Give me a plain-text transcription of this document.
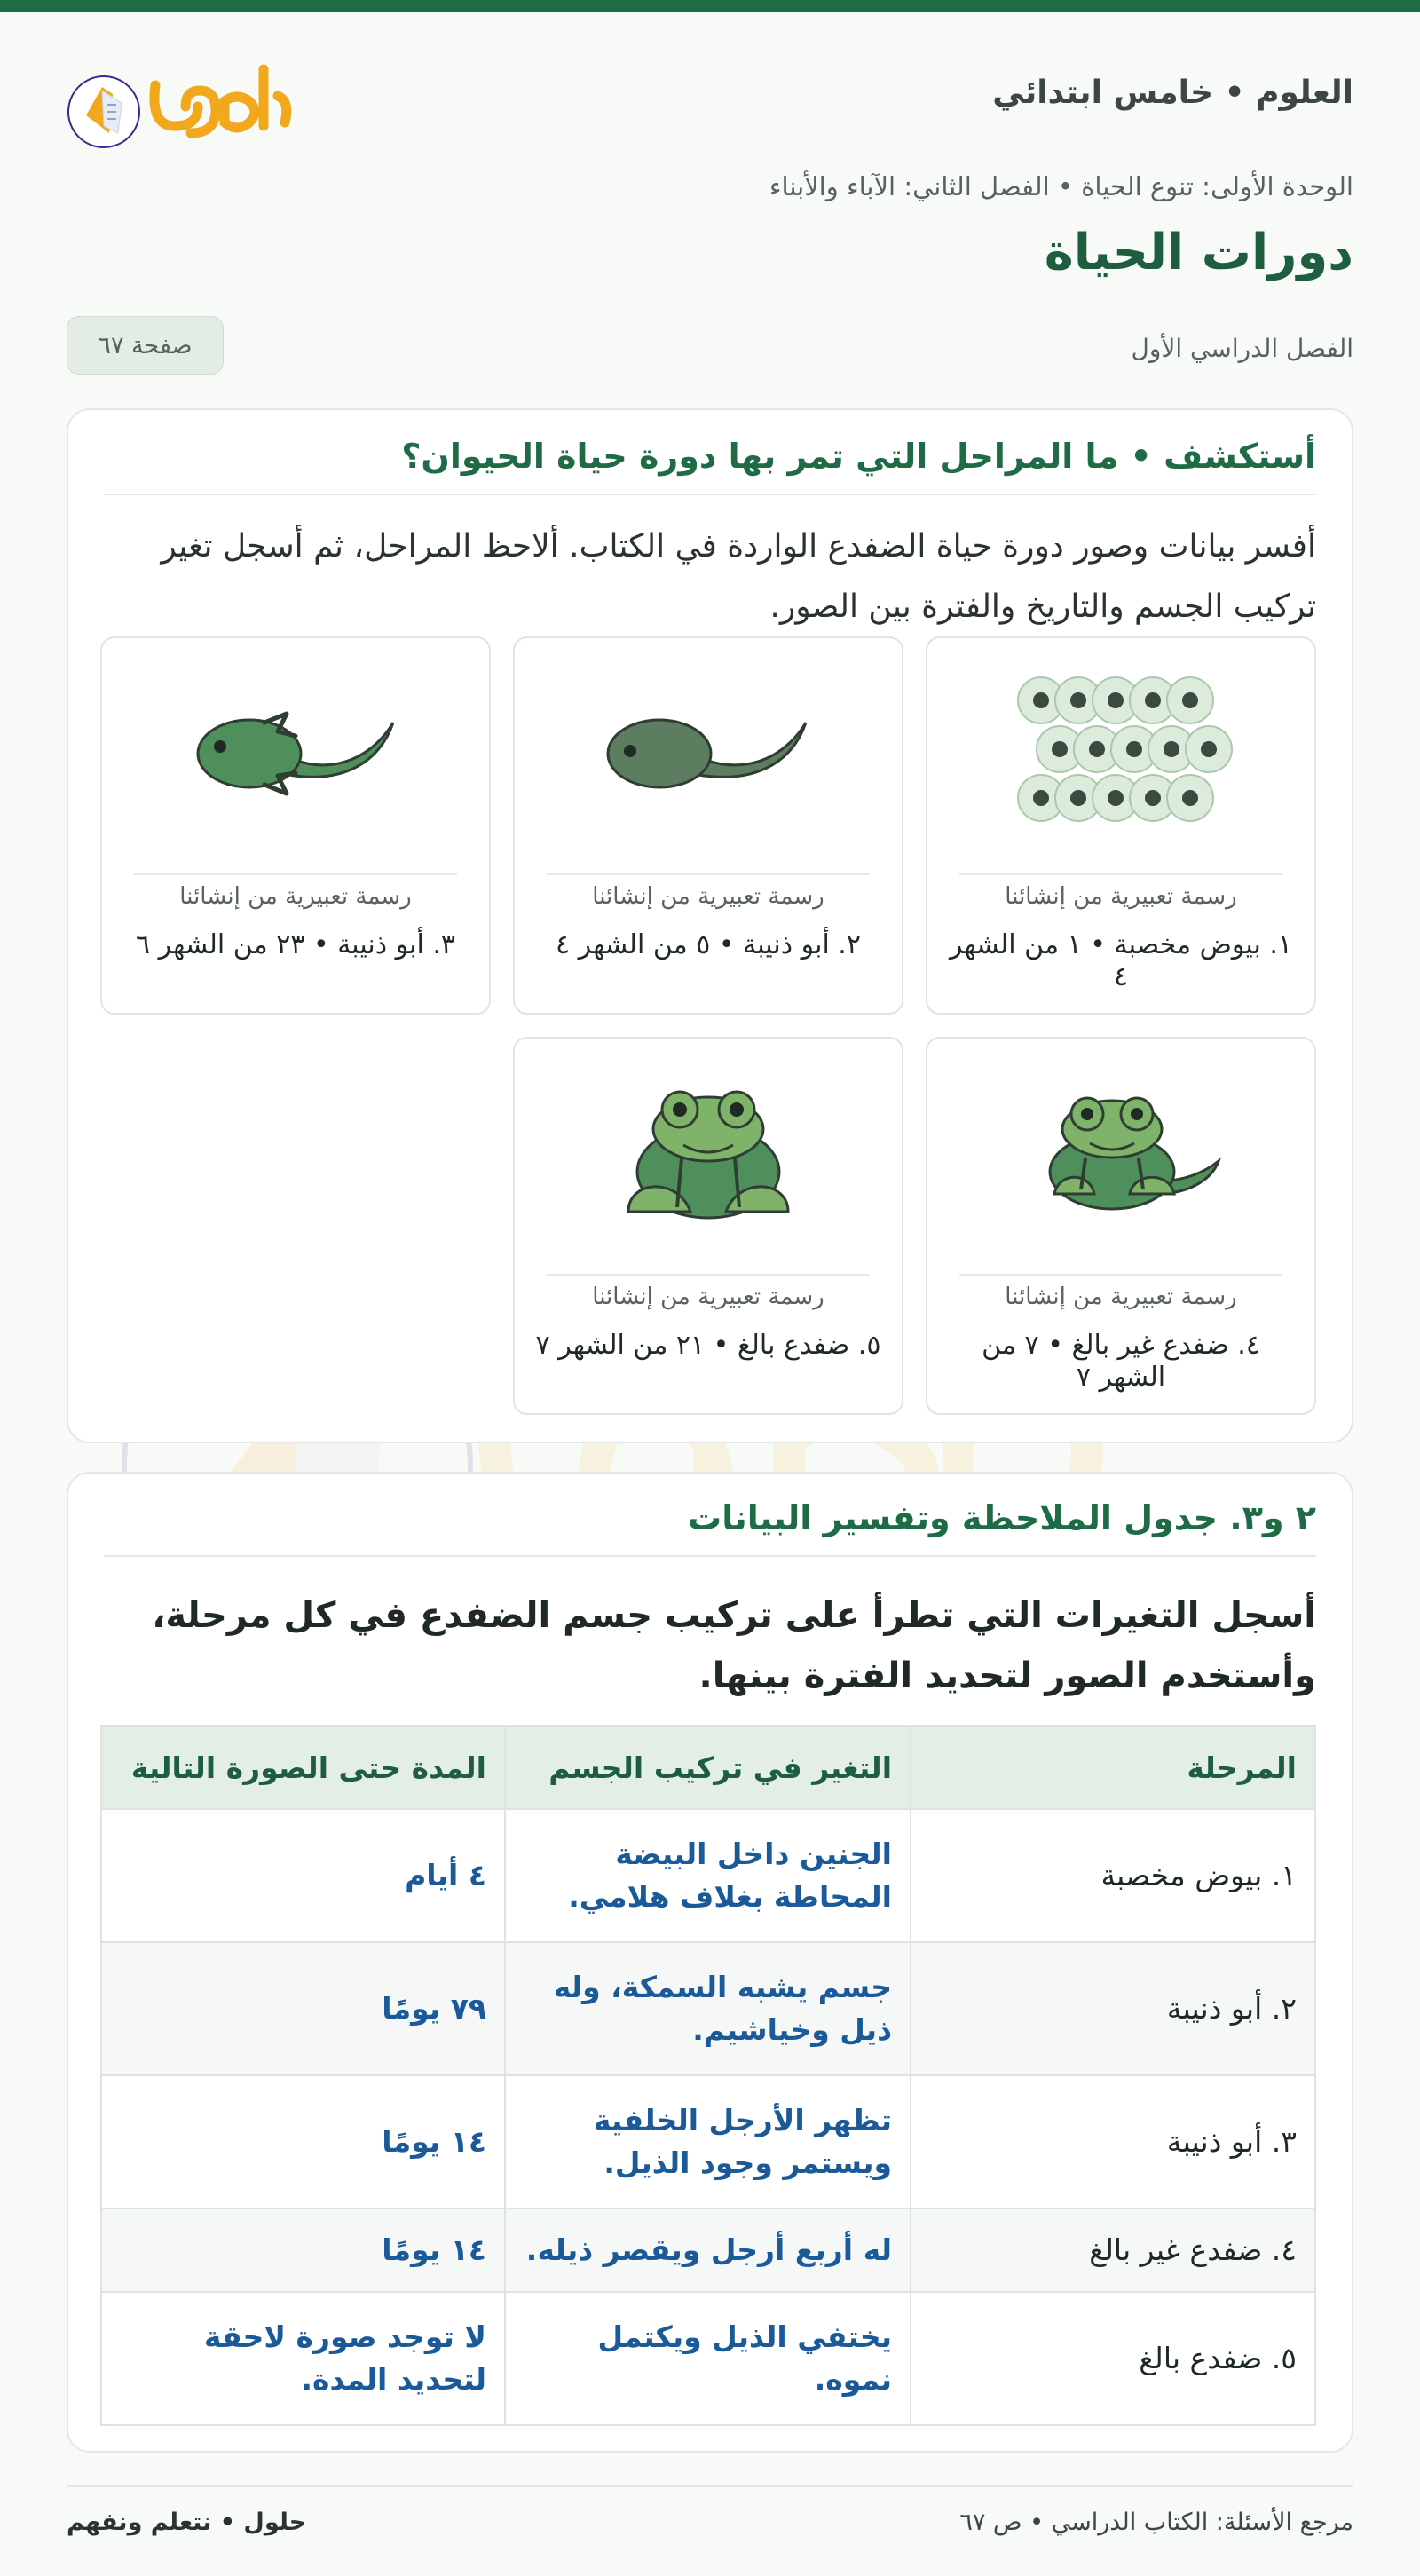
العلوم • خامس ابتدائي
الوحدة الأولى: تنوع الحياة • الفصل الثاني: الآباء والأبناء
دورات الحياة
الفصل الدراسي الأول
صفحة ٦٧
أستكشف • ما المراحل التي تمر بها دورة حياة الحيوان؟

أفسر بيانات وصور دورة حياة الضفدع الواردة في الكتاب. ألاحظ المراحل، ثم أسجل تغير تركيب الجسم والتاريخ والفترة بين الصور.

رسمة تعبيرية من إنشائنا
١. بيوض مخصبة • ١ من الشهر ٤
رسمة تعبيرية من إنشائنا
٢. أبو ذنيبة • ٥ من الشهر ٤
رسمة تعبيرية من إنشائنا
٣. أبو ذنيبة • ٢٣ من الشهر ٦
رسمة تعبيرية من إنشائنا
٤. ضفدع غير بالغ • ٧ من الشهر ٧
رسمة تعبيرية من إنشائنا
٥. ضفدع بالغ • ٢١ من الشهر ٧
٢ و٣. جدول الملاحظة وتفسير البيانات

أسجل التغيرات التي تطرأ على تركيب جسم الضفدع في كل مرحلة، وأستخدم الصور لتحديد الفترة بينها.

المرحلة	التغير في تركيب الجسم	المدة حتى الصورة التالية
١. بيوض مخصبة	الجنين داخل البيضة المحاطة بغلاف هلامي.	٤ أيام
٢. أبو ذنيبة	جسم يشبه السمكة، وله ذيل وخياشيم.	٧٩ يومًا
٣. أبو ذنيبة	تظهر الأرجل الخلفية ويستمر وجود الذيل.	١٤ يومًا
٤. ضفدع غير بالغ	له أربع أرجل ويقصر ذيله.	١٤ يومًا
٥. ضفدع بالغ	يختفي الذيل ويكتمل نموه.	لا توجد صورة لاحقة لتحديد المدة.
مرجع الأسئلة: الكتاب الدراسي • ص ٦٧
حلول • نتعلم ونفهم
